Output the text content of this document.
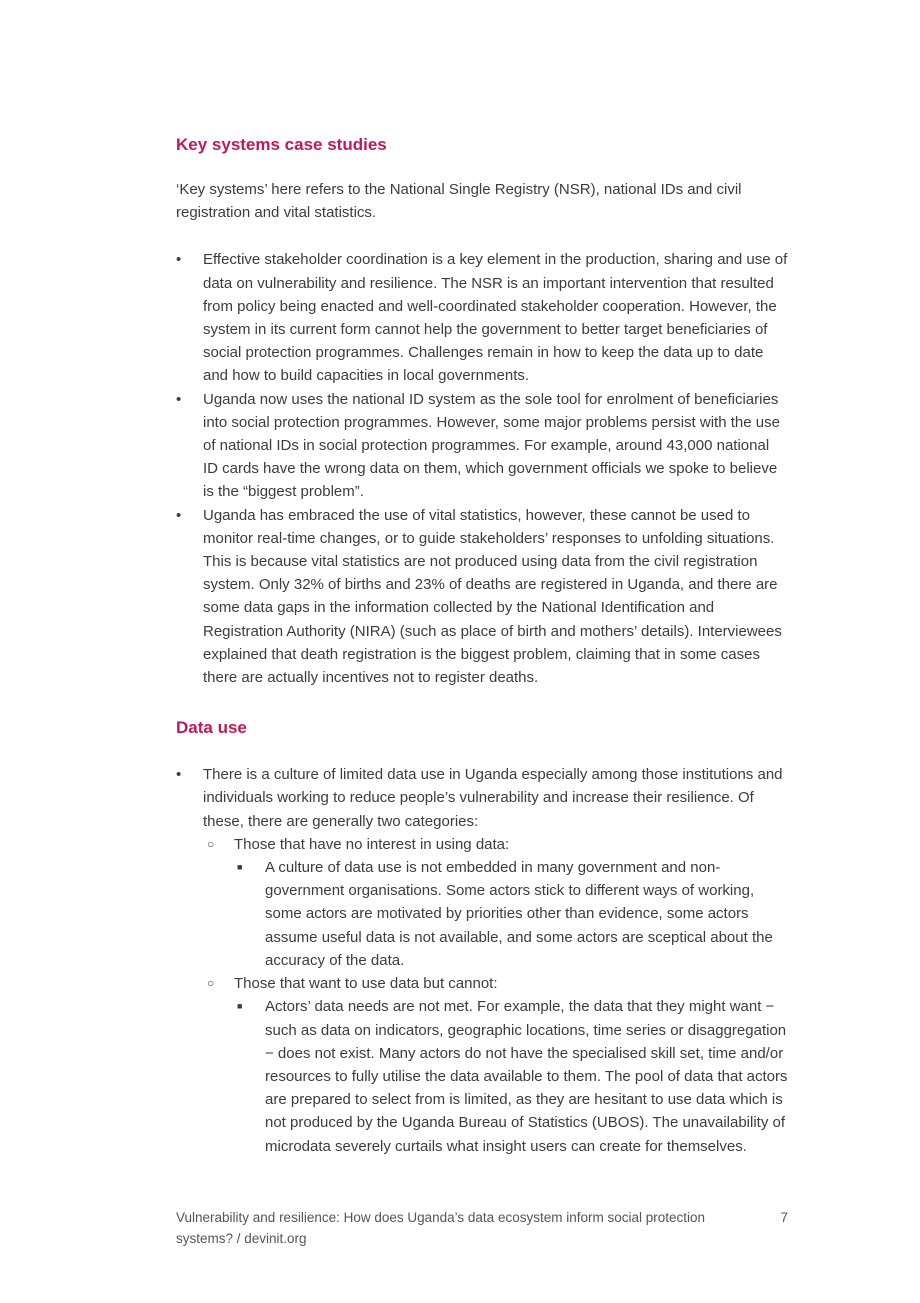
Key systems case studies

‘Key systems’ here refers to the National Single Registry (NSR), national IDs and civil registration and vital statistics.

•	Effective stakeholder coordination is a key element in the production, sharing and use of data on vulnerability and resilience. The NSR is an important intervention that resulted from policy being enacted and well-coordinated stakeholder cooperation. However, the system in its current form cannot help the government to better target beneficiaries of social protection programmes. Challenges remain in how to keep the data up to date and how to build capacities in local governments.
•	Uganda now uses the national ID system as the sole tool for enrolment of beneficiaries into social protection programmes. However, some major problems persist with the use of national IDs in social protection programmes. For example, around 43,000 national ID cards have the wrong data on them, which government officials we spoke to believe is the “biggest problem”.
•	Uganda has embraced the use of vital statistics, however, these cannot be used to monitor real-time changes, or to guide stakeholders’ responses to unfolding situations. This is because vital statistics are not produced using data from the civil registration system. Only 32% of births and 23% of deaths are registered in Uganda, and there are some data gaps in the information collected by the National Identification and Registration Authority (NIRA) (such as place of birth and mothers’ details). Interviewees explained that death registration is the biggest problem, claiming that in some cases there are actually incentives not to register deaths.
Data use
•	There is a culture of limited data use in Uganda especially among those institutions and individuals working to reduce people’s vulnerability and increase their resilience. Of these, there are generally two categories:
○ Those that have no interest in using data:
■ A culture of data use is not embedded in many government and non-government organisations. Some actors stick to different ways of working, some actors are motivated by priorities other than evidence, some actors assume useful data is not available, and some actors are sceptical about the accuracy of the data.
○ Those that want to use data but cannot:
■ Actors’ data needs are not met. For example, the data that they might want − such as data on indicators, geographic locations, time series or disaggregation − does not exist. Many actors do not have the specialised skill set, time and/or resources to fully utilise the data available to them. The pool of data that actors are prepared to select from is limited, as they are hesitant to use data which is not produced by the Uganda Bureau of Statistics (UBOS). The unavailability of microdata severely curtails what insight users can create for themselves.
Vulnerability and resilience: How does Uganda’s data ecosystem inform social protection systems? / devinit.org
7
